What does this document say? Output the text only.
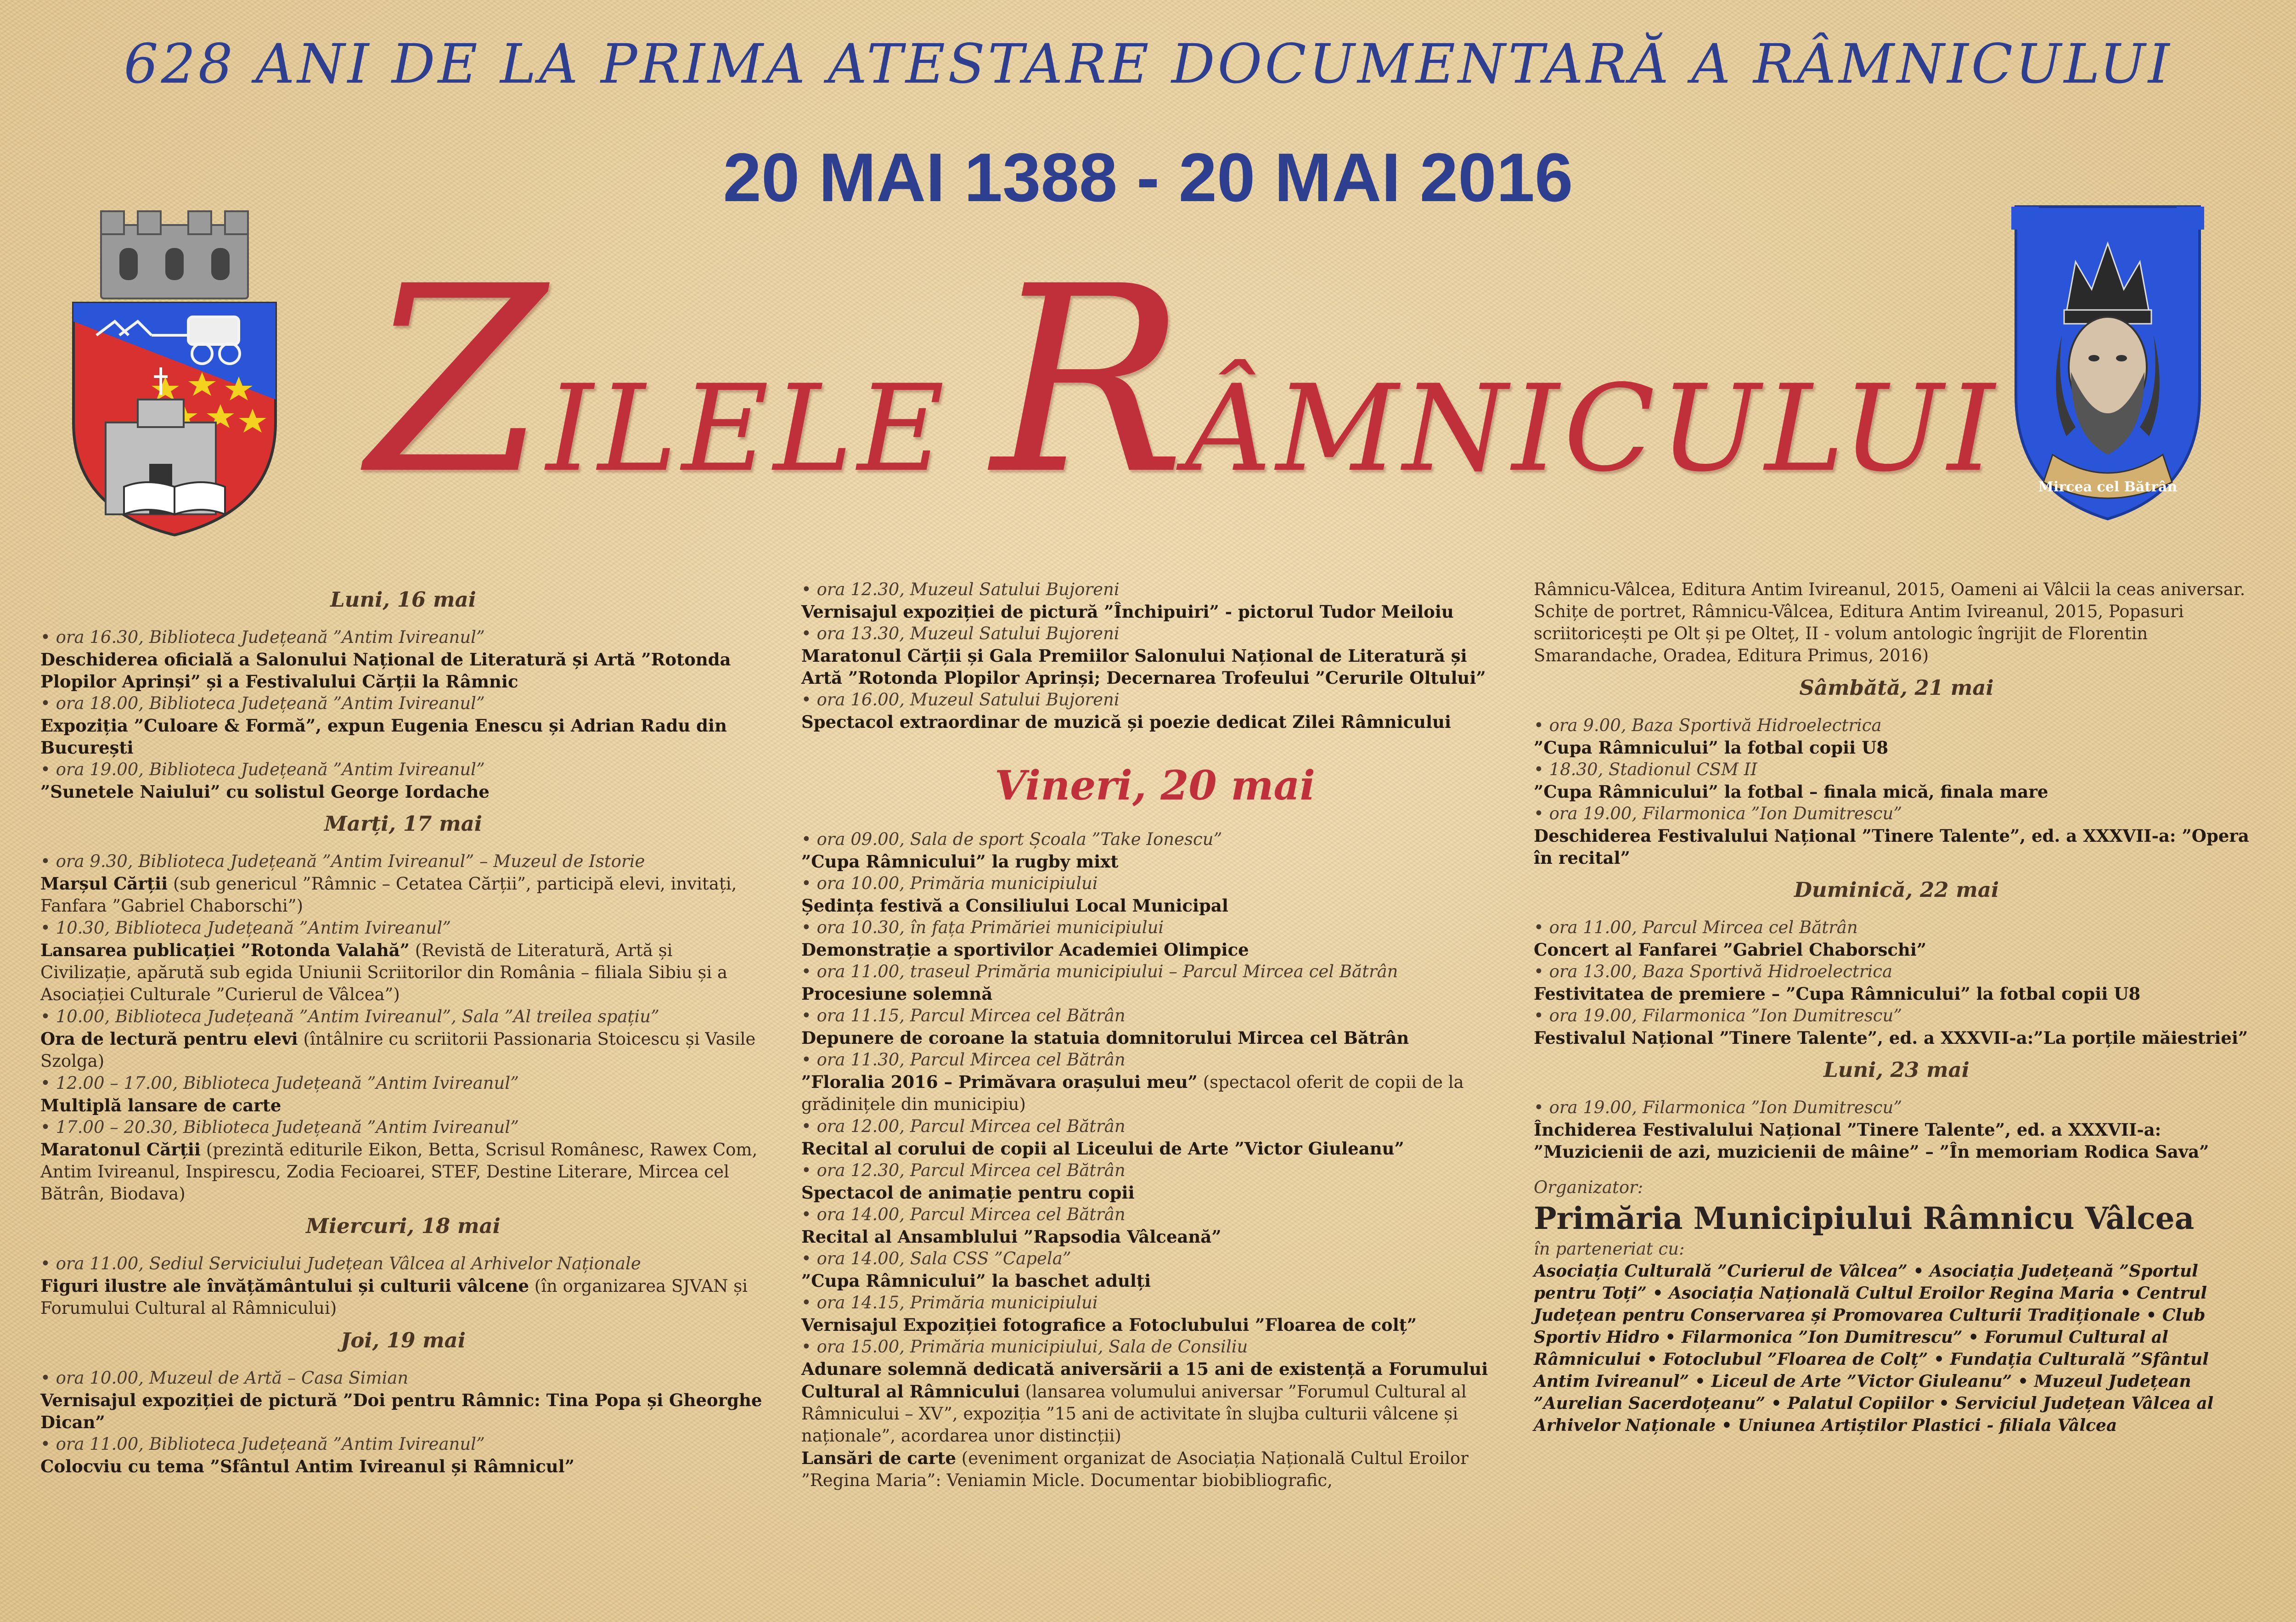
628 ANI DE LA PRIMA ATESTARE DOCUMENTARĂ A RÂMNICULUI
20 MAI 1388 - 20 MAI 2016
ZILELE RÂMNICULUI	Mircea cel Bătrân
Luni, 16 mai
• ora 16.30, Biblioteca Județeană ”Antim Ivireanul”
Deschiderea oficială a Salonului Național de Literatură și Artă ”Rotonda Plopilor Aprinși” și a Festivalului Cărții la Râmnic
• ora 18.00, Biblioteca Județeană ”Antim Ivireanul”
Expoziția ”Culoare & Formă”, expun Eugenia Enescu și Adrian Radu din București
• ora 19.00, Biblioteca Județeană ”Antim Ivireanul”
”Sunetele Naiului” cu solistul George Iordache
Marți, 17 mai
• ora 9.30, Biblioteca Județeană ”Antim Ivireanul” – Muzeul de Istorie
Marșul Cărții (sub genericul ”Râmnic – Cetatea Cărții”, participă elevi, invitați, Fanfara ”Gabriel Chaborschi”)
• 10.30, Biblioteca Județeană ”Antim Ivireanul”
Lansarea publicației ”Rotonda Valahă” (Revistă de Literatură, Artă și Civilizație, apărută sub egida Uniunii Scriitorilor din România – filiala Sibiu și a Asociației Culturale ”Curierul de Vâlcea”)
• 10.00, Biblioteca Județeană ”Antim Ivireanul”, Sala ”Al treilea spațiu”
Ora de lectură pentru elevi (întâlnire cu scriitorii Passionaria Stoicescu și Vasile Szolga)
• 12.00 – 17.00, Biblioteca Județeană ”Antim Ivireanul”
Multiplă lansare de carte
• 17.00 – 20.30, Biblioteca Județeană ”Antim Ivireanul”
Maratonul Cărții (prezintă editurile Eikon, Betta, Scrisul Românesc, Rawex Com, Antim Ivireanul, Inspirescu, Zodia Fecioarei, STEF, Destine Literare, Mircea cel Bătrân, Biodava)
Miercuri, 18 mai
• ora 11.00, Sediul Serviciului Județean Vâlcea al Arhivelor Naționale
Figuri ilustre ale învățământului și culturii vâlcene (în organizarea SJVAN și Forumului Cultural al Râmnicului)
Joi, 19 mai
• ora 10.00, Muzeul de Artă – Casa Simian
Vernisajul expoziției de pictură ”Doi pentru Râmnic: Tina Popa și Gheorghe Dican”
• ora 11.00, Biblioteca Județeană ”Antim Ivireanul”
Colocviu cu tema ”Sfântul Antim Ivireanul și Râmnicul”
• ora 12.30, Muzeul Satului Bujoreni
Vernisajul expoziției de pictură ”Închipuiri” - pictorul Tudor Meiloiu
• ora 13.30, Muzeul Satului Bujoreni
Maratonul Cărții și Gala Premiilor Salonului Național de Literatură și Artă ”Rotonda Plopilor Aprinși; Decernarea Trofeului ”Cerurile Oltului”
• ora 16.00, Muzeul Satului Bujoreni
Spectacol extraordinar de muzică și poezie dedicat Zilei Râmnicului
Vineri, 20 mai
• ora 09.00, Sala de sport Școala ”Take Ionescu”
”Cupa Râmnicului” la rugby mixt
• ora 10.00, Primăria municipiului
Ședința festivă a Consiliului Local Municipal
• ora 10.30, în fața Primăriei municipiului
Demonstrație a sportivilor Academiei Olimpice
• ora 11.00, traseul Primăria municipiului – Parcul Mircea cel Bătrân
Procesiune solemnă
• ora 11.15, Parcul Mircea cel Bătrân
Depunere de coroane la statuia domnitorului Mircea cel Bătrân
• ora 11.30, Parcul Mircea cel Bătrân
”Floralia 2016 – Primăvara orașului meu” (spectacol oferit de copii de la grădinițele din municipiu)
• ora 12.00, Parcul Mircea cel Bătrân
Recital al corului de copii al Liceului de Arte ”Victor Giuleanu”
• ora 12.30, Parcul Mircea cel Bătrân
Spectacol de animație pentru copii
• ora 14.00, Parcul Mircea cel Bătrân
Recital al Ansamblului ”Rapsodia Vâlceană”
• ora 14.00, Sala CSS ”Capela”
”Cupa Râmnicului” la baschet adulți
• ora 14.15, Primăria municipiului
Vernisajul Expoziției fotografice a Fotoclubului ”Floarea de colț”
• ora 15.00, Primăria municipiului, Sala de Consiliu
Adunare solemnă dedicată aniversării a 15 ani de existență a Forumului Cultural al Râmnicului (lansarea volumului aniversar ”Forumul Cultural al Râmnicului – XV”, expoziția ”15 ani de activitate în slujba culturii vâlcene și naționale”, acordarea unor distincții)
Lansări de carte (eveniment organizat de Asociația Națională Cultul Eroilor ”Regina Maria”: Veniamin Micle. Documentar biobibliografic,
Râmnicu-Vâlcea, Editura Antim Ivireanul, 2015, Oameni ai Vâlcii la ceas aniversar. Schițe de portret, Râmnicu-Vâlcea, Editura Antim Ivireanul, 2015, Popasuri scriitoricești pe Olt și pe Olteț, II - volum antologic îngrijit de Florentin Smarandache, Oradea, Editura Primus, 2016)
Sâmbătă, 21 mai
• ora 9.00, Baza Sportivă Hidroelectrica
”Cupa Râmnicului” la fotbal copii U8
• 18.30, Stadionul CSM II
”Cupa Râmnicului” la fotbal – finala mică, finala mare
• ora 19.00, Filarmonica ”Ion Dumitrescu”
Deschiderea Festivalului Național ”Tinere Talente”, ed. a XXXVII-a: ”Opera în recital”
Duminică, 22 mai
• ora 11.00, Parcul Mircea cel Bătrân
Concert al Fanfarei ”Gabriel Chaborschi”
• ora 13.00, Baza Sportivă Hidroelectrica
Festivitatea de premiere – ”Cupa Râmnicului” la fotbal copii U8
• ora 19.00, Filarmonica ”Ion Dumitrescu”
Festivalul Național ”Tinere Talente”, ed. a XXXVII-a:”La porțile măiestriei”
Luni, 23 mai
• ora 19.00, Filarmonica ”Ion Dumitrescu”
Închiderea Festivalului Național ”Tinere Talente”, ed. a XXXVII-a: ”Muzicienii de azi, muzicienii de mâine” – ”În memoriam Rodica Sava”
Organizator:
Primăria Municipiului Râmnicu Vâlcea
în parteneriat cu:
Asociația Culturală ”Curierul de Vâlcea” • Asociația Județeană ”Sportul pentru Toți” • Asociația Națională Cultul Eroilor Regina Maria • Centrul Județean pentru Conservarea și Promovarea Culturii Tradiționale • Club Sportiv Hidro • Filarmonica ”Ion Dumitrescu” • Forumul Cultural al Râmnicului • Fotoclubul ”Floarea de Colț” • Fundația Culturală ”Sfântul Antim Ivireanul” • Liceul de Arte ”Victor Giuleanu” • Muzeul Județean ”Aurelian Sacerdoțeanu” • Palatul Copiilor • Serviciul Județean Vâlcea al Arhivelor Naționale • Uniunea Artiștilor Plastici - filiala Vâlcea
